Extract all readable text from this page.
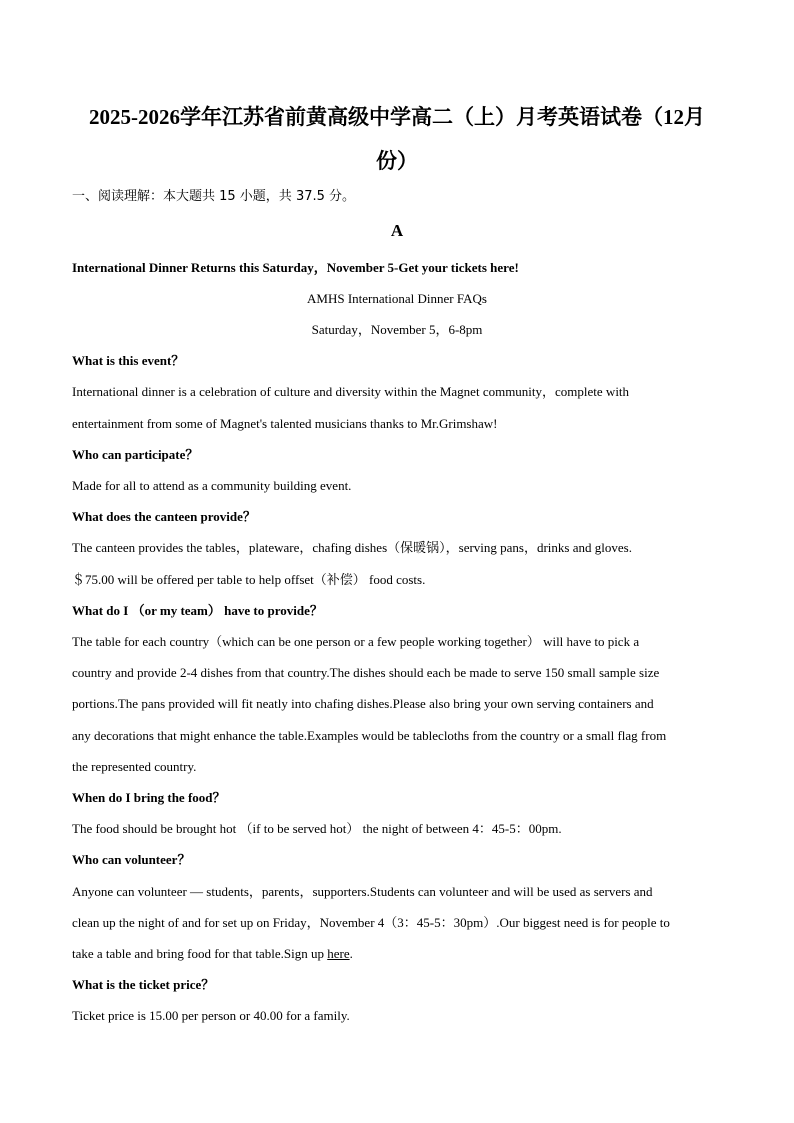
2025-2026学年江苏省前黄高级中学高二（上）月考英语试卷（12月
份）
一、阅读理解：本大题共 15 小题，共 37.5 分。
A
International Dinner Returns this Saturday，November 5-Get your tickets here!
AMHS International Dinner FAQs
Saturday，November 5，6-8pm
What is this event？
International dinner is a celebration of culture and diversity within the Magnet community，complete with
entertainment from some of Magnet's talented musicians thanks to Mr.Grimshaw!
Who can participate？
Made for all to attend as a community building event.
What does the canteen provide？
The canteen provides the tables，plateware，chafing dishes（保暖锅），serving pans，drinks and gloves.
＄75.00 will be offered per table to help offset（补偿） food costs.
What do I （or my team） have to provide？
The table for each country（which can be one person or a few people working together） will have to pick a
country and provide 2-4 dishes from that country.The dishes should each be made to serve 150 small sample size
portions.The pans provided will fit neatly into chafing dishes.Please also bring your own serving containers and
any decorations that might enhance the table.Examples would be tablecloths from the country or a small flag from
the represented country.
When do I bring the food？
The food should be brought hot （if to be served hot） the night of between 4：45-5：00pm.
Who can volunteer？
Anyone can volunteer — students，parents，supporters.Students can volunteer and will be used as servers and
clean up the night of and for set up on Friday，November 4（3：45-5：30pm）.Our biggest need is for people to
take a table and bring food for that table.Sign up here.
What is the ticket price？
Ticket price is 15.00 per person or 40.00 for a family.
